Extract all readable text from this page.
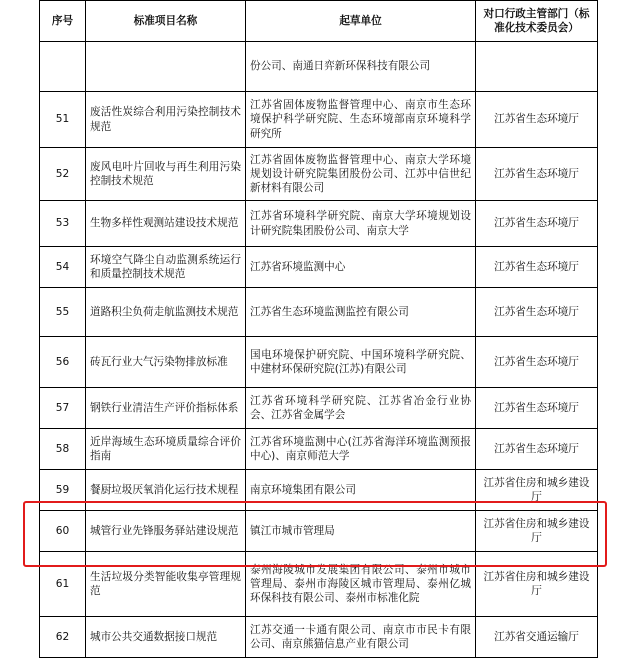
序号	标准项目名称	起草单位	对口行政主管部门（标准化技术委员会）
		份公司、南通日弈新环保科技有限公司	
51	废活性炭综合利用污染控制技术规范	江苏省固体废物监督管理中心、南京市生态环境保护科学研究院、生态环境部南京环境科学研究所	江苏省生态环境厅
52	废风电叶片回收与再生利用污染控制技术规范	江苏省固体废物监督管理中心、南京大学环境规划设计研究院集团股份公司、江苏中信世纪新材料有限公司	江苏省生态环境厅
53	生物多样性观测站建设技术规范	江苏省环境科学研究院、南京大学环境规划设计研究院集团股份公司、南京大学	江苏省生态环境厅
54	环境空气降尘自动监测系统运行和质量控制技术规范	江苏省环境监测中心	江苏省生态环境厅
55	道路积尘负荷走航监测技术规范	江苏省生态环境监测监控有限公司	江苏省生态环境厅
56	砖瓦行业大气污染物排放标准	国电环境保护研究院、中国环境科学研究院、中建材环保研究院(江苏)有限公司	江苏省生态环境厅
57	钢铁行业清洁生产评价指标体系	江苏省环境科学研究院、江苏省冶金行业协会、江苏省金属学会	江苏省生态环境厅
58	近岸海域生态环境质量综合评价指南	江苏省环境监测中心(江苏省海洋环境监测预报中心)、南京师范大学	江苏省生态环境厅
59	餐厨垃圾厌氧消化运行技术规程	南京环境集团有限公司	江苏省住房和城乡建设厅
60	城管行业先锋服务驿站建设规范	镇江市城市管理局	江苏省住房和城乡建设厅
61	生活垃圾分类智能收集亭管理规范	泰州海陵城市发展集团有限公司、泰州市城市管理局、泰州市海陵区城市管理局、泰州亿城环保科技有限公司、泰州市标准化院	江苏省住房和城乡建设厅
62	城市公共交通数据接口规范	江苏交通一卡通有限公司、南京市市民卡有限公司、南京熊猫信息产业有限公司	江苏省交通运输厅
